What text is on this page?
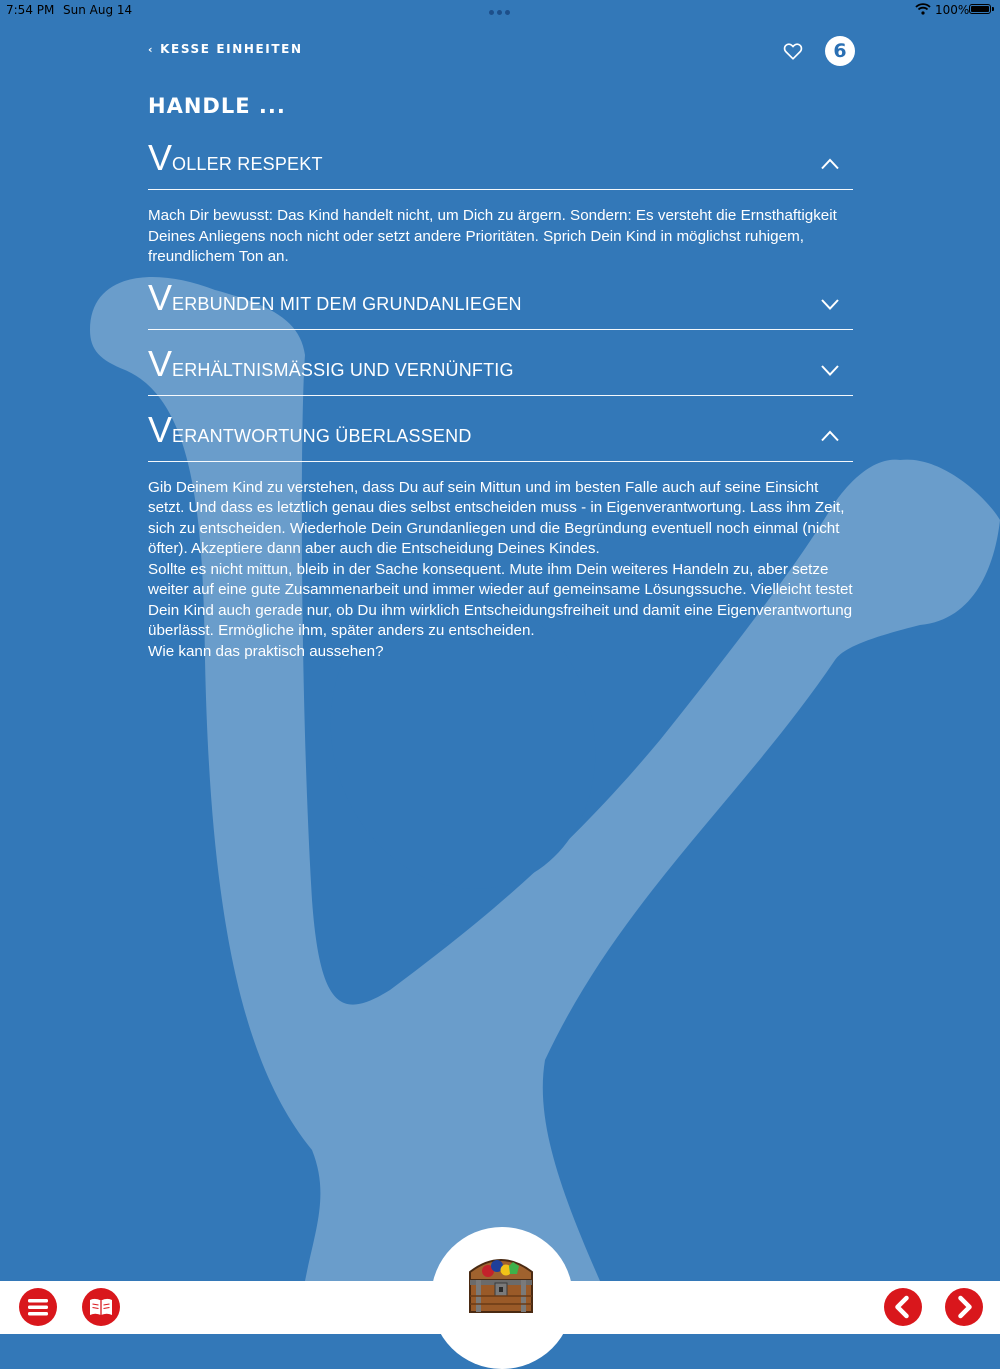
7:54 PM Sun Aug 14	100%
‹ KESSE EINHEITEN	6
HANDLE ...
VOLLER RESPEKT

Mach Dir bewusst: Das Kind handelt nicht, um Dich zu ärgern. Sondern: Es versteht die Ernsthaftigkeit Deines Anliegens noch nicht oder setzt andere Prioritäten. Sprich Dein Kind in möglichst ruhigem, freundlichem Ton an.

VERBUNDEN MIT DEM GRUNDANLIEGEN
VERHÄLTNISMÄSSIG UND VERNÜNFTIG
VERANTWORTUNG ÜBERLASSEND

Gib Deinem Kind zu verstehen, dass Du auf sein Mittun und im besten Falle auch auf seine Einsicht setzt. Und dass es letztlich genau dies selbst entscheiden muss - in Eigenverantwortung. Lass ihm Zeit, sich zu entscheiden. Wiederhole Dein Grundanliegen und die Begründung eventuell noch einmal (nicht öfter). Akzeptiere dann aber auch die Entscheidung Deines Kindes.

Sollte es nicht mittun, bleib in der Sache konsequent. Mute ihm Dein weiteres Handeln zu, aber setze weiter auf eine gute Zusammenarbeit und immer wieder auf gemeinsame Lösungssuche. Vielleicht testet Dein Kind auch gerade nur, ob Du ihm wirklich Entscheidungsfreiheit und damit eine Eigenverantwortung überlässt. Ermögliche ihm, später anders zu entscheiden.

Wie kann das praktisch aussehen?
